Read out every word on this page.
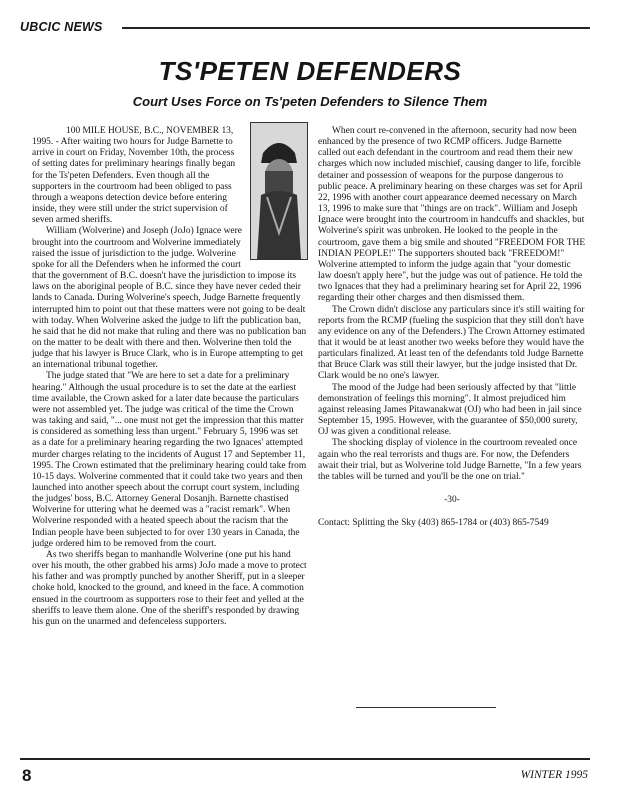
UBCIC NEWS
TS'PETEN DEFENDERS
Court Uses Force on Ts'peten Defenders to Silence Them

100 MILE HOUSE, B.C., NOVEMBER 13, 1995. - After waiting two hours for Judge Barnette to arrive in court on Friday, November 10th, the process of setting dates for preliminary hearings finally began for the Ts'peten Defenders. Even though all the supporters in the courtroom had been obliged to pass through a weapons detection device before entering inside, they were still under the strict supervision of seven armed sheriffs.

William (Wolverine) and Joseph (JoJo) Ignace were brought into the courtroom and Wolverine immediately raised the issue of jurisdiction to the judge. Wolverine spoke for all the Defenders when he informed the court that the government of B.C. doesn't have the jurisdiction to impose its laws on the aboriginal people of B.C. since they have never ceded their lands to Canada. During Wolverine's speech, Judge Barnette frequently interrupted him to point out that these matters were not going to be dealt with today. When Wolverine asked the judge to lift the publication ban, he said that he did not make that ruling and there was no publication ban on the matter to be dealt with there and then. Wolverine then told the judge that his lawyer is Bruce Clark, who is in Europe attempting to get an international tribunal together.

The judge stated that "We are here to set a date for a preliminary hearing." Although the usual procedure is to set the date at the earliest time available, the Crown asked for a later date because the particulars were not assembled yet. The judge was critical of the time the Crown was taking and said, "... one must not get the impression that this matter is considered as something less than urgent." February 5, 1996 was set as a date for a preliminary hearing regarding the two Ignaces' attempted murder charges relating to the incidents of August 17 and September 11, 1995. The Crown estimated that the preliminary hearing could take from 10-15 days. Wolverine commented that it could take two years and then launched into another speech about the corrupt court system, including the judges' boss, B.C. Attorney General Dosanjh. Barnette chastised Wolverine for uttering what he deemed was a "racist remark". When Wolverine responded with a heated speech about the racism that the Indian people have been subjected to for over 130 years in Canada, the judge ordered him to be removed from the court.

As two sheriffs began to manhandle Wolverine (one put his hand over his mouth, the other grabbed his arms) JoJo made a move to protect his father and was promptly punched by another Sheriff, put in a sleeper choke hold, knocked to the ground, and kneed in the face. A commotion ensued in the courtroom as supporters rose to their feet and yelled at the sheriffs to leave them alone. One of the sheriff's responded by drawing his gun on the unarmed and defenceless supporters.

When court re-convened in the afternoon, security had now been enhanced by the presence of two RCMP officers. Judge Barnette called out each defendant in the courtroom and read them their new charges which now included mischief, causing danger to life, forcible detainer and possession of weapons for the purpose dangerous to public peace. A preliminary hearing on these charges was set for April 22, 1996 with another court appearance deemed necessary on March 13, 1996 to make sure that "things are on track". William and Joseph Ignace were brought into the courtroom in handcuffs and shackles, but Wolverine's spirit was unbroken. He looked to the people in the courtroom, gave them a big smile and shouted "FREEDOM FOR THE INDIAN PEOPLE!" The supporters shouted back "FREEDOM!" Wolverine attempted to inform the judge again that "your domestic law doesn't apply here", but the judge was out of patience. He told the two Ignaces that they had a preliminary hearing set for April 22, 1996 regarding their other charges and then dismissed them.

The Crown didn't disclose any particulars since it's still waiting for reports from the RCMP (fueling the suspicion that they still don't have any evidence on any of the Defenders.) The Crown Attorney estimated that it would be at least another two weeks before they would have the particulars finalized. At least ten of the defendants told Judge Barnette that Bruce Clark was still their lawyer, but the judge insisted that Dr. Clark would be no one's lawyer.

The mood of the Judge had been seriously affected by that "little demonstration of feelings this morning". It almost prejudiced him against releasing James Pitawanakwat (OJ) who had been in jail since September 15, 1995. However, with the guarantee of $50,000 surety, OJ was given a conditional release.

The shocking display of violence in the courtroom revealed once again who the real terrorists and thugs are. For now, the Defenders await their trial, but as Wolverine told Judge Barnette, "In a few years the tables will be turned and you'll be the one on trial."

-30-

Contact: Splitting the Sky (403) 865-1784 or (403) 865-7549

8	WINTER 1995
